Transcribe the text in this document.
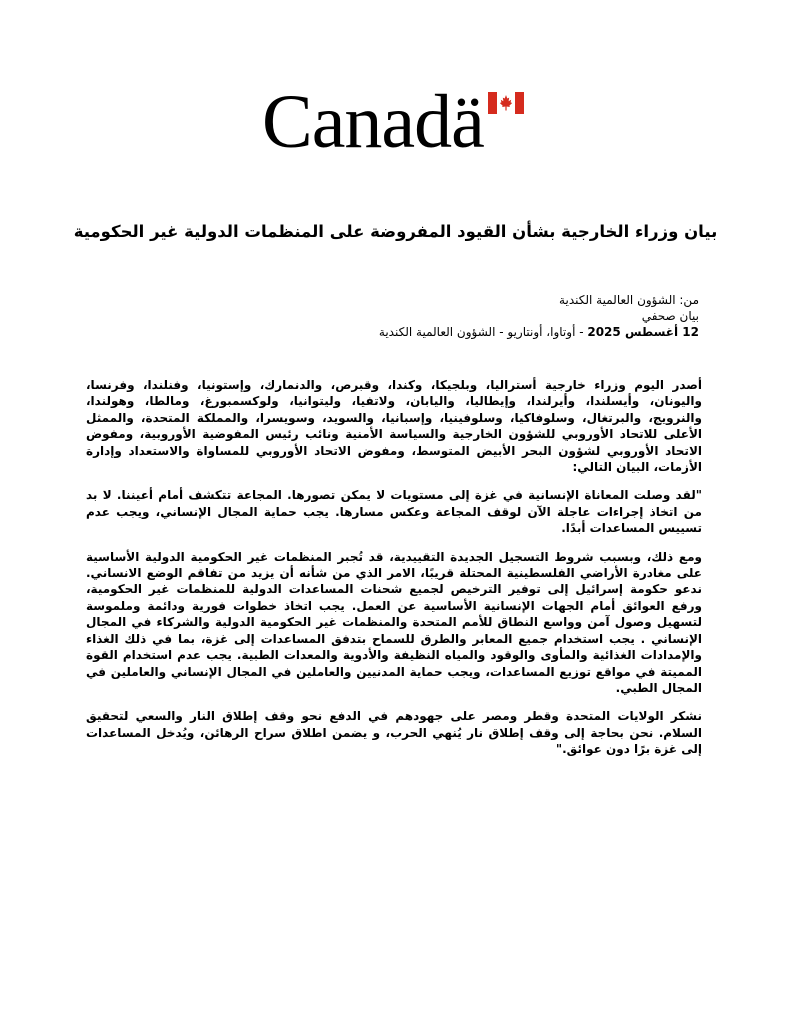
Canadä
بيان وزراء الخارجية بشأن القيود المفروضة على المنظمات الدولية غير الحكومية
من: الشؤون العالمية الكندية
بيان صحفي
12 أغسطس 2025 - أوتاوا، أونتاريو - الشؤون العالمية الكندية

أصدر اليوم وزراء خارجية أستراليا، وبلجيكا، وكندا، وقبرص، والدنمارك، وإستونيا، وفنلندا، وفرنسا، واليونان، وأيسلندا، وأيرلندا، وإيطاليا، واليابان، ولاتفيا، وليتوانيا، ولوكسمبورغ، ومالطا، وهولندا، والنرويج، والبرتغال، وسلوفاكيا، وسلوفينيا، وإسبانيا، والسويد، وسويسرا، والمملكة المتحدة، والممثل الأعلى للاتحاد الأوروبي للشؤون الخارجية والسياسة الأمنية ونائب رئيس المفوضية الأوروبية، ومفوض الاتحاد الأوروبي لشؤون البحر الأبيض المتوسط، ومفوض الاتحاد الأوروبي للمساواة والاستعداد وإدارة الأزمات، البيان التالي:

"لقد وصلت المعاناة الإنسانية في غزة إلى مستويات لا يمكن تصورها. المجاعة تتكشف أمام أعيننا. لا بد من اتخاذ إجراءات عاجلة الآن لوقف المجاعة وعكس مسارها. يجب حماية المجال الإنساني، ويجب عدم تسييس المساعدات أبدًا.

ومع ذلك، وبسبب شروط التسجيل الجديدة التقييدية، قد تُجبر المنظمات غير الحكومية الدولية الأساسية على مغادرة الأراضي الفلسطينية المحتلة قريبًا، الامر الذي من شأنه أن يزيد من تفاقم الوضع الانساني. ندعو حكومة إسرائيل إلى توفير الترخيص لجميع شحنات المساعدات الدولية للمنظمات غير الحكومية، ورفع العوائق أمام الجهات الإنسانية الأساسية عن العمل. يجب اتخاذ خطوات فورية ودائمة وملموسة لتسهيل وصول آمن وواسع النطاق للأمم المتحدة والمنظمات غير الحكومية الدولية والشركاء في المجال الإنساني . يجب استخدام جميع المعابر والطرق للسماح بتدفق المساعدات إلى غزة، بما في ذلك الغذاء والإمدادات الغذائية والمأوى والوقود والمياه النظيفة والأدوية والمعدات الطبية. يجب عدم استخدام القوة المميتة في مواقع توزيع المساعدات، ويجب حماية المدنيين والعاملين في المجال الإنساني والعاملين في المجال الطبي.

نشكر الولايات المتحدة وقطر ومصر على جهودهم في الدفع نحو وقف إطلاق النار والسعي لتحقيق السلام. نحن بحاجة إلى وقف إطلاق نار يُنهي الحرب، و يضمن اطلاق سراح الرهائن، ويُدخل المساعدات إلى غزة برًا دون عوائق."
